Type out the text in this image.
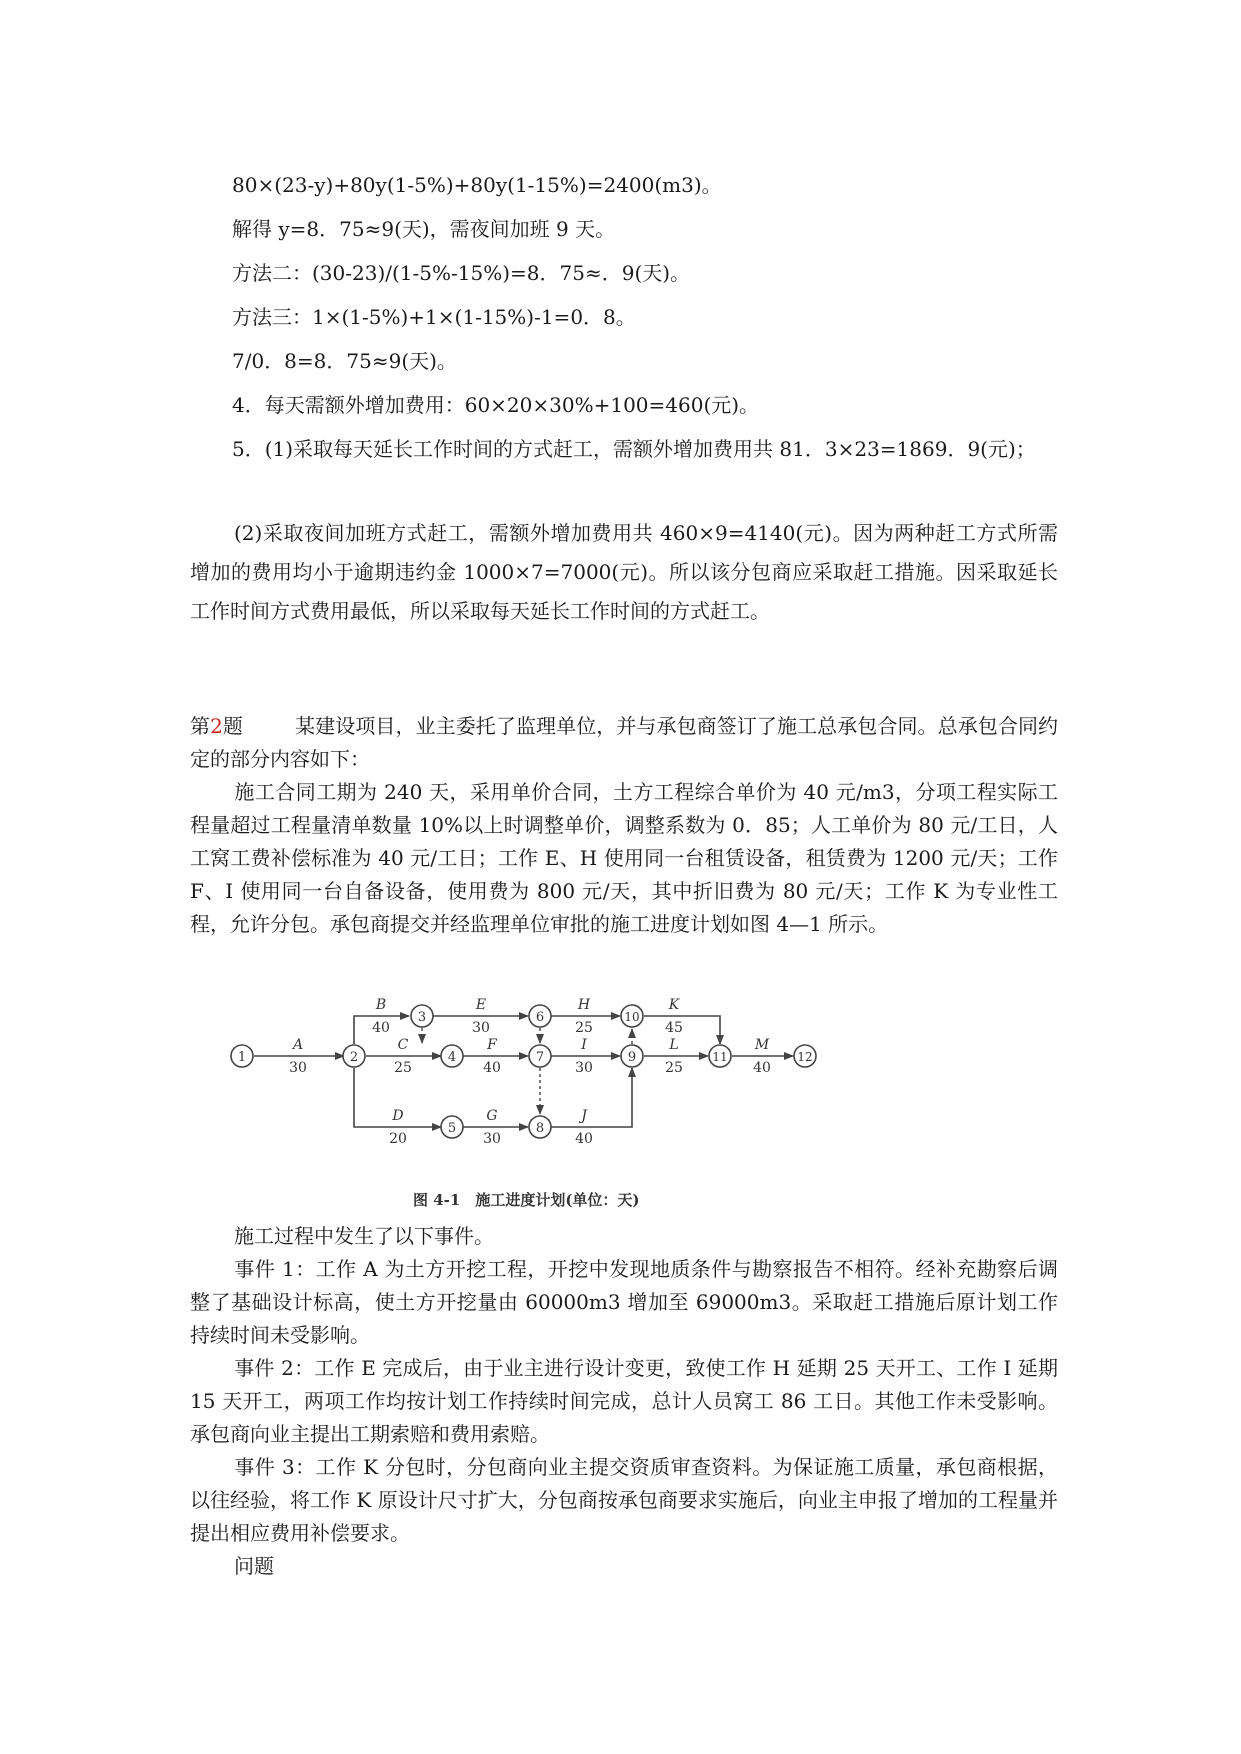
80×(23-y)+80y(1-5%)+80y(1-15%)=2400(m3)。
解得 y=8．75≈9(天)，需夜间加班 9 天。
方法二：(30-23)/(1-5%-15%)=8．75≈．9(天)。
方法三：1×(1-5%)+1×(1-15%)-1=0．8。
7/0．8=8．75≈9(天)。
4．每天需额外增加费用：60×20×30%+100=460(元)。
5．(1)采取每天延长工作时间的方式赶工，需额外增加费用共 81．3×23=1869．9(元)；
(2)采取夜间加班方式赶工，需额外增加费用共 460×9=4140(元)。因为两种赶工方式所需增加的费用均小于逾期违约金 1000×7=7000(元)。所以该分包商应采取赶工措施。因采取延长工作时间方式费用最低，所以采取每天延长工作时间的方式赶工。
第2题	某建设项目，业主委托了监理单位，并与承包商签订了施工总承包合同。总承包合同约定的部分内容如下：
施工合同工期为 240 天，采用单价合同，土方工程综合单价为 40 元/m3，分项工程实际工程量超过工程量清单数量 10%以上时调整单价，调整系数为 0．85；人工单价为 80 元/工日，人工窝工费补偿标准为 40 元/工日；工作 E、H 使用同一台租赁设备，租赁费为 1200 元/天；工作 F、I 使用同一台自备设备，使用费为 800 元/天，其中折旧费为 80 元/天；工作 K 为专业性工程，允许分包。承包商提交并经监理单位审批的施工进度计划如图 4—1 所示。
1	2
3
4
5
6
7
8
9
10
11	12
A
B
C
D
E
F
G
H
I
J
K
L	M
30
40
25
20
30
40
30
25
30
40
45
25	40
图 4-1　施工进度计划(单位：天)
施工过程中发生了以下事件。
事件 1：工作 A 为土方开挖工程，开挖中发现地质条件与勘察报告不相符。经补充勘察后调整了基础设计标高，使土方开挖量由 60000m3 增加至 69000m3。采取赶工措施后原计划工作持续时间未受影响。
事件 2：工作 E 完成后，由于业主进行设计变更，致使工作 H 延期 25 天开工、工作 I 延期 15 天开工，两项工作均按计划工作持续时间完成，总计人员窝工 86 工日。其他工作未受影响。承包商向业主提出工期索赔和费用索赔。
事件 3：工作 K 分包时，分包商向业主提交资质审查资料。为保证施工质量，承包商根据，以往经验，将工作 K 原设计尺寸扩大，分包商按承包商要求实施后，向业主申报了增加的工程量并提出相应费用补偿要求。
问题
